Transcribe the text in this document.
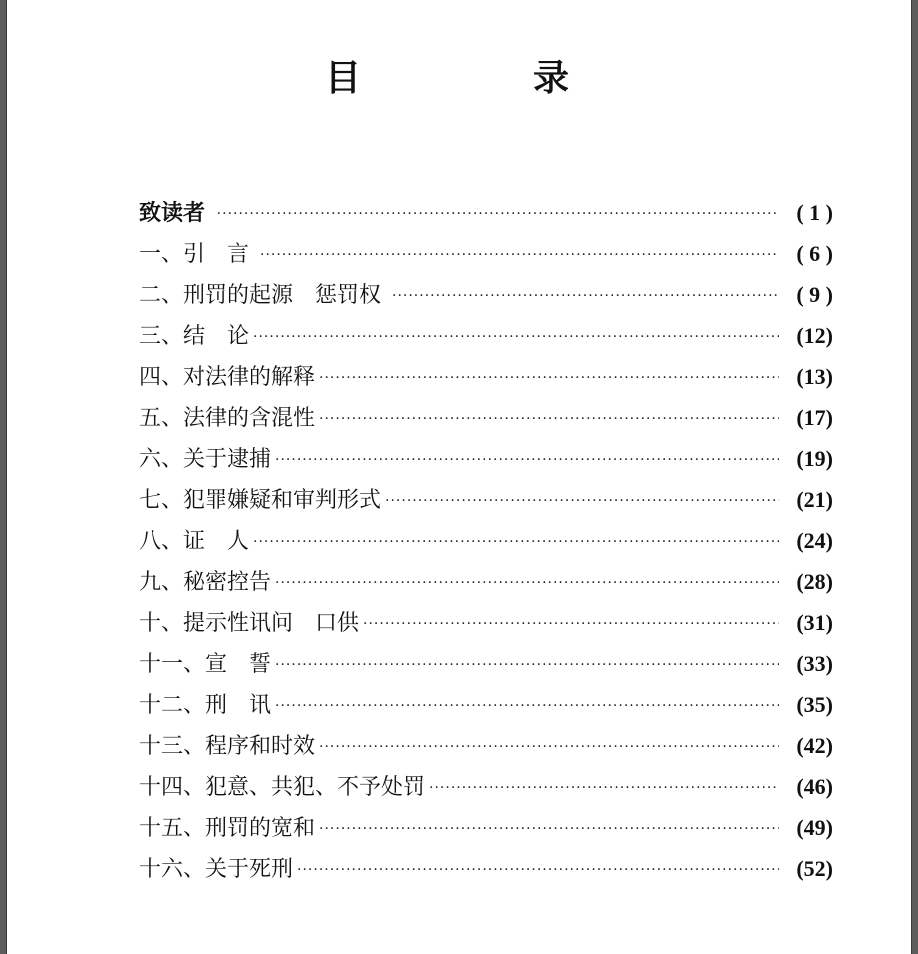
目　录
致读者 ·····	( 1 )
一、引　言 ·····	( 6 )
二、刑罚的起源　惩罚权 ·····	( 9 )
三、结　论 ·····	(12)
四、对法律的解释 ·····	(13)
五、法律的含混性 ·····	(17)
六、关于逮捕 ·····	(19)
七、犯罪嫌疑和审判形式 ·····	(21)
八、证　人 ·····	(24)
九、秘密控告 ·····	(28)
十、提示性讯问　口供 ·····	(31)
十一、宣　誓 ·····	(33)
十二、刑　讯 ·····	(35)
十三、程序和时效 ·····	(42)
十四、犯意、共犯、不予处罚 ·····	(46)
十五、刑罚的宽和 ·····	(49)
十六、关于死刑 ·····	(52)
